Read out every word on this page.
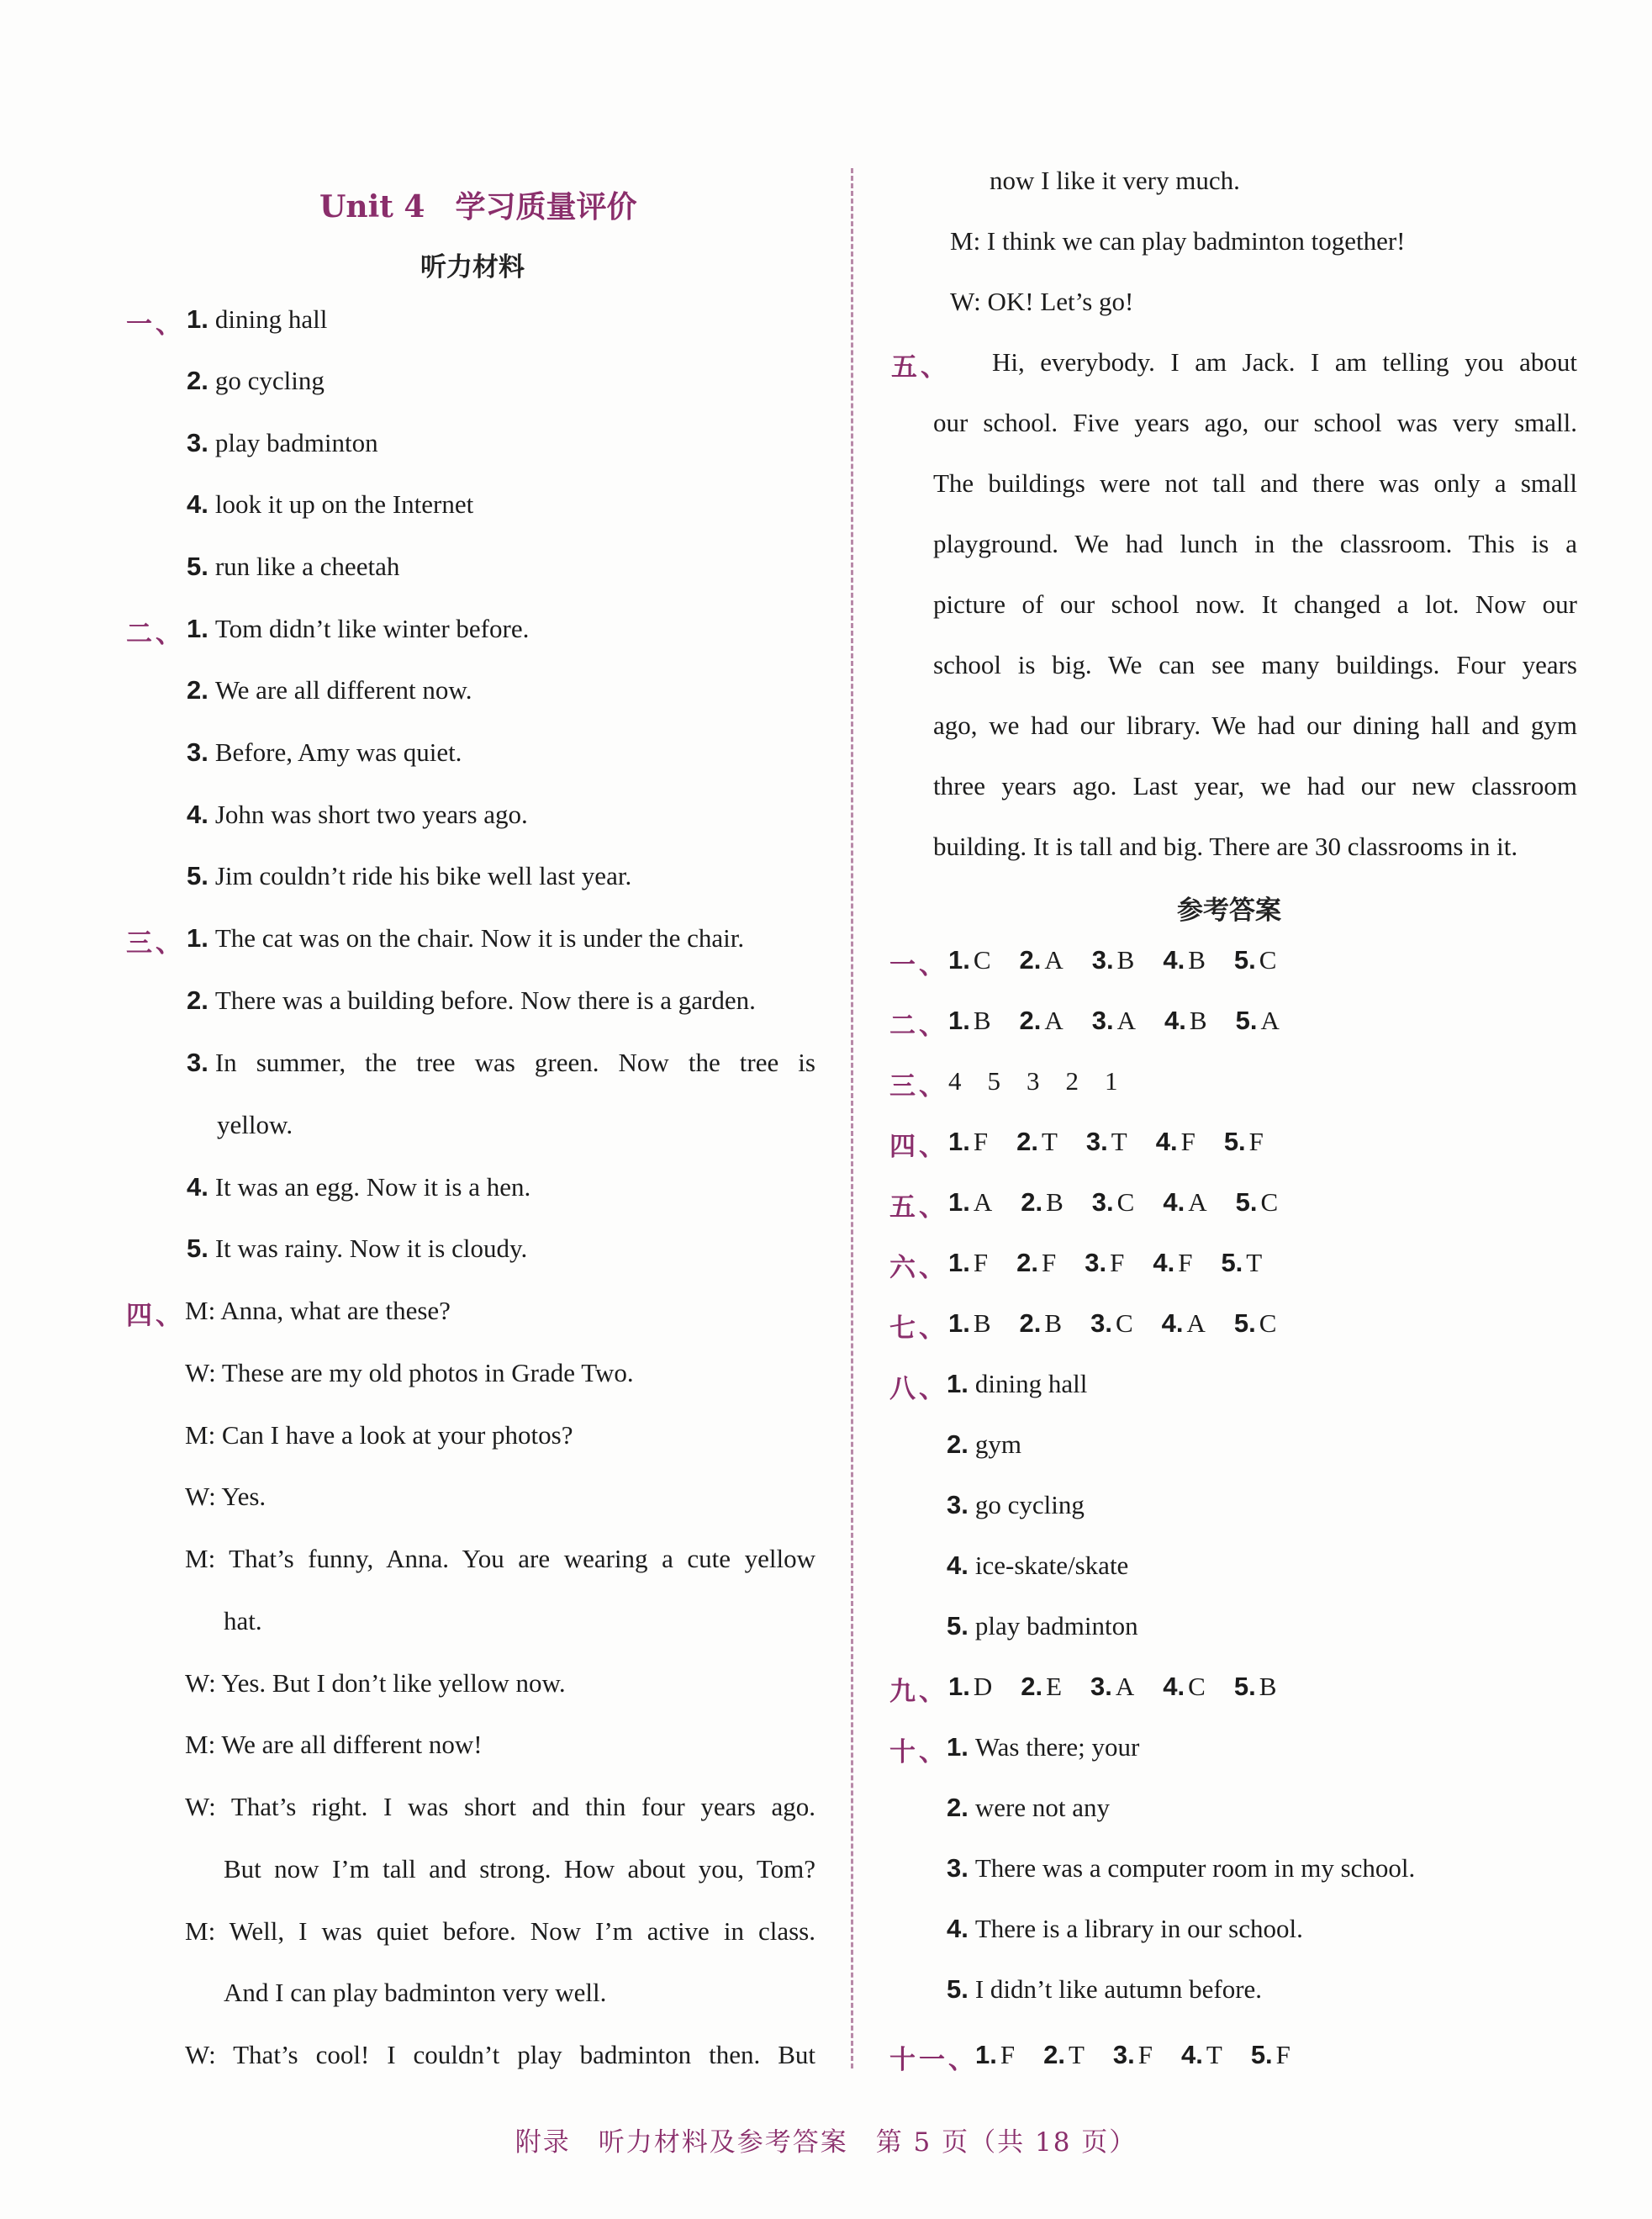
Unit 4　学习质量评价
听力材料
一、 1. dining hall
2. go cycling
3. play badminton
4. look it up on the Internet
5. run like a cheetah
二、 1. Tom didn’t like winter before.
2. We are all different now.
3. Before, Amy was quiet.
4. John was short two years ago.
5. Jim couldn’t ride his bike well last year.
三、 1. The cat was on the chair. Now it is under the chair.
2. There was a building before. Now there is a garden.
3. In summer, the tree was green. Now the tree is
yellow.
4. It was an egg. Now it is a hen.
5. It was rainy. Now it is cloudy.
四、 M: Anna, what are these?
W: These are my old photos in Grade Two.
M: Can I have a look at your photos?
W: Yes.
M: That’s funny, Anna. You are wearing a cute yellow
hat.
W: Yes. But I don’t like yellow now.
M: We are all different now!
W: That’s right. I was short and thin four years ago.
But now I’m tall and strong. How about you, Tom?
M: Well, I was quiet before. Now I’m active in class.
And I can play badminton very well.
W: That’s cool! I couldn’t play badminton then. But
now I like it very much.
M: I think we can play badminton together!
W: OK! Let’s go!
五、 Hi, everybody. I am Jack. I am telling you about
our school. Five years ago, our school was very small.
The buildings were not tall and there was only a small
playground. We had lunch in the classroom. This is a
picture of our school now. It changed a lot. Now our
school is big. We can see many buildings. Four years
ago, we had our library. We had our dining hall and gym
three years ago. Last year, we had our new classroom
building. It is tall and big. There are 30 classrooms in it.
参考答案
一、 1. C 2. A 3. B 4. B 5. C
二、 1. B 2. A 3. A 4. B 5. A
三、 4　5　3　2　1
四、 1. F 2. T 3. T 4. F 5. F
五、 1. A 2. B 3. C 4. A 5. C
六、 1. F 2. F 3. F 4. F 5. T
七、 1. B 2. B 3. C 4. A 5. C
八、
1. dining hall
2. gym
3. go cycling
4. ice-skate/skate
5. play badminton
九、 1. D 2. E 3. A 4. C 5. B
十、
1. Was there; your
2. were not any
3. There was a computer room in my school.
4. There is a library in our school.
5. I didn’t like autumn before.
十一、
1. F 2. T 3. F 4. T 5. F
附录　听力材料及参考答案　第 5 页（共 18 页）
